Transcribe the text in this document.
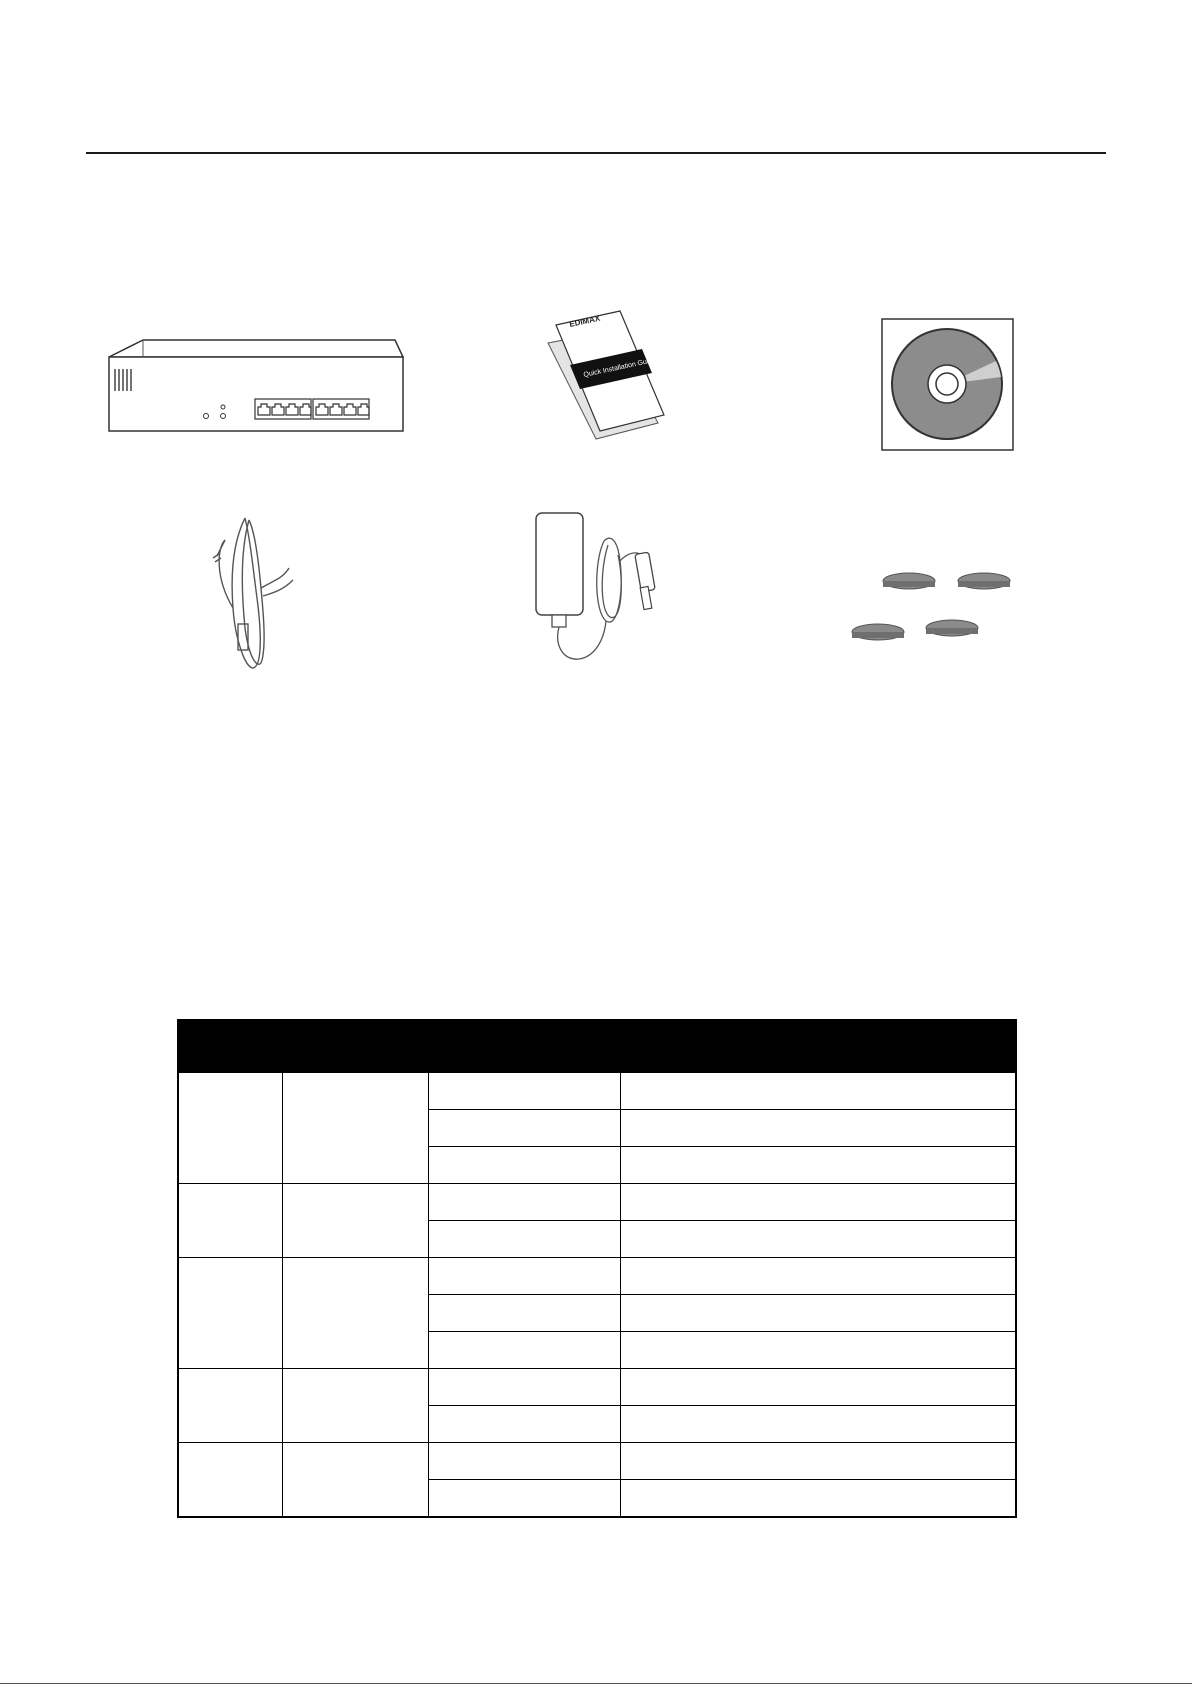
Quick Installation Guide
EDIMAX
